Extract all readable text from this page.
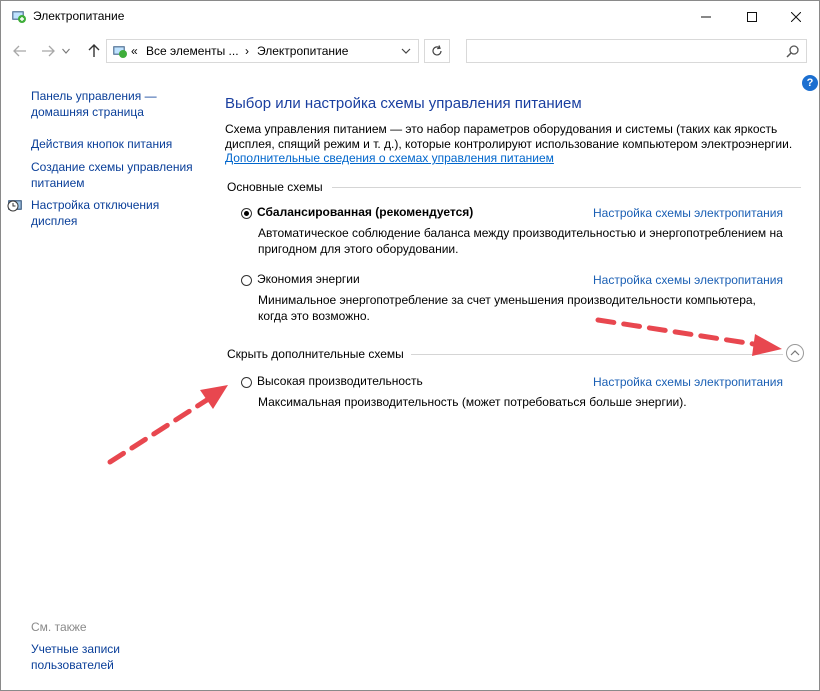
Электропитание
« Все элементы ... › Электропитание
?
Панель управления — домашняя страница
Действия кнопок питания
Создание схемы управления питанием
Настройка отключения дисплея
См. также
Учетные записи пользователей
Выбор или настройка схемы управления питанием
Схема управления питанием — это набор параметров оборудования и системы (таких как яркость дисплея, спящий режим и т. д.), которые контролируют использование компьютером электроэнергии.
Дополнительные сведения о схемах управления питанием
Основные схемы
Сбалансированная (рекомендуется)	Настройка схемы электропитания
Автоматическое соблюдение баланса между производительностью и энергопотреблением на пригодном для этого оборудовании.
Экономия энергии	Настройка схемы электропитания
Минимальное энергопотребление за счет уменьшения производительности компьютера, когда это возможно.
Скрыть дополнительные схемы
Высокая производительность	Настройка схемы электропитания
Максимальная производительность (может потребоваться больше энергии).
